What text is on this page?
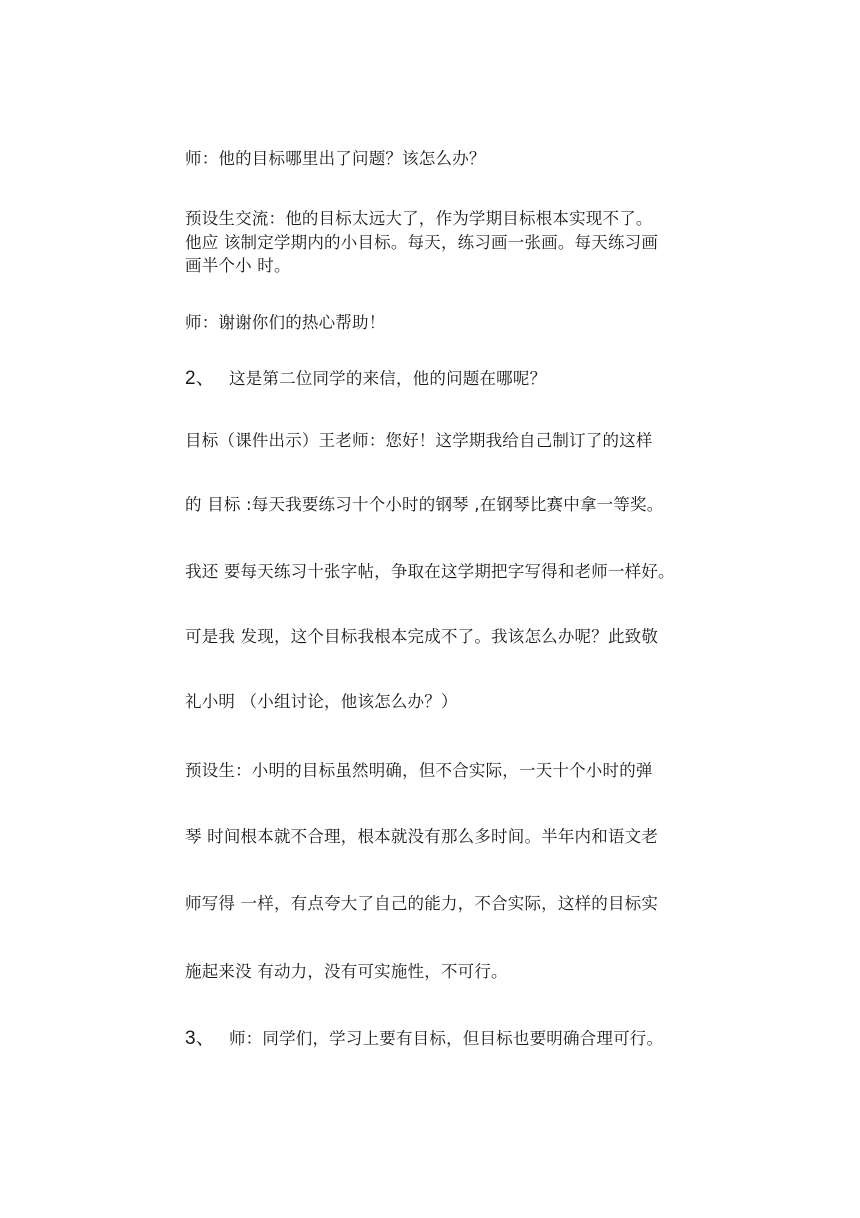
师：他的目标哪里出了问题？该怎么办？
预设生交流：他的目标太远大了，作为学期目标根本实现不了。
他应 该制定学期内的小目标。每天，练习画一张画。每天练习画
画半个小 时。
师：谢谢你们的热心帮助！
2、 这是第二位同学的来信，他的问题在哪呢？
目标（课件出示）王老师：您好！这学期我给自己制订了的这样
的 目标 :每天我要练习十个小时的钢琴 ,在钢琴比赛中拿一等奖。
我还 要每天练习十张字帖，争取在这学期把字写得和老师一样好。
可是我 发现，这个目标我根本完成不了。我该怎么办呢？此致敬
礼小明 （小组讨论，他该怎么办？）
预设生：小明的目标虽然明确，但不合实际，一天十个小时的弹
琴 时间根本就不合理，根本就没有那么多时间。半年内和语文老
师写得 一样，有点夸大了自己的能力，不合实际，这样的目标实
施起来没 有动力，没有可实施性，不可行。
3、 师：同学们，学习上要有目标，但目标也要明确合理可行。
